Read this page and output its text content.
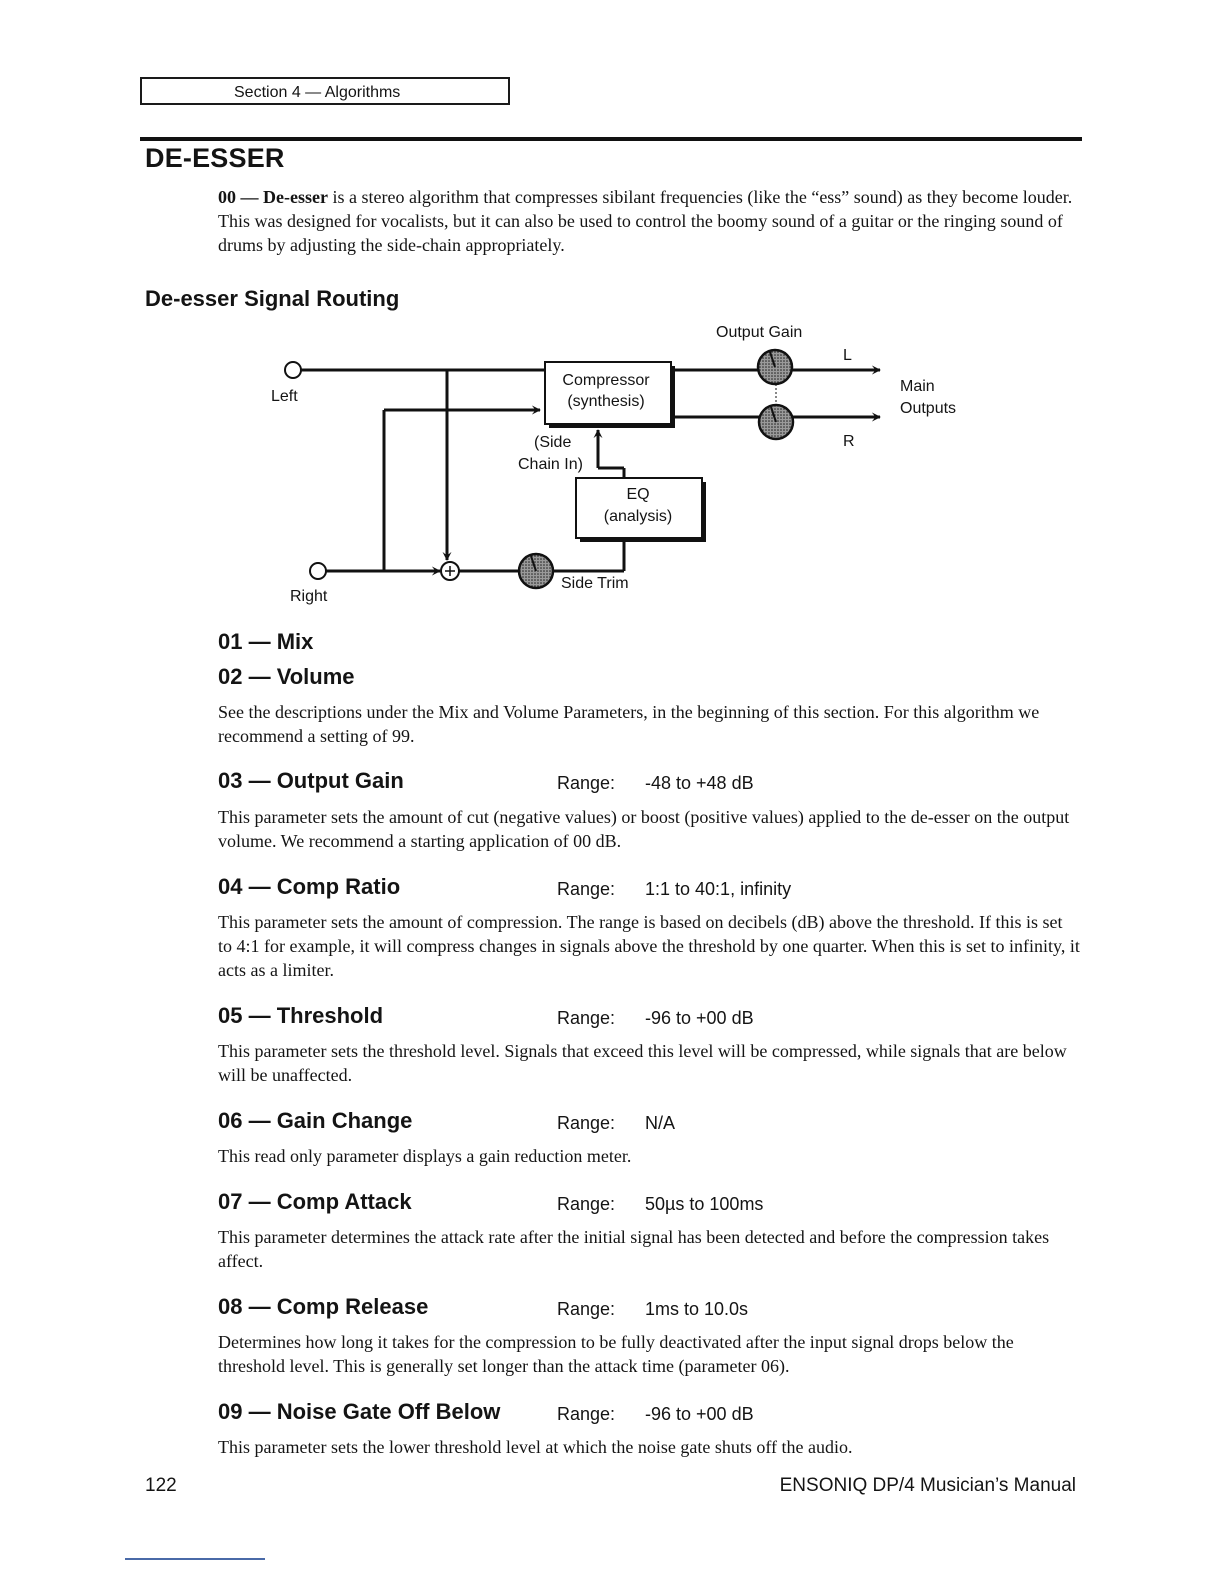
Section 4 — Algorithms
DE-ESSER

00 — De-esser is a stereo algorithm that compresses sibilant frequencies (like the “ess” sound) as they become louder. This was designed for vocalists, but it can also be used to control the boomy sound of a guitar or the ringing sound of drums by adjusting the side-chain appropriately.

De-esser Signal Routing
Output Gain
Left
Right
Compressor
(synthesis)
(Side
Chain In)
EQ
(analysis)
Side Trim
L
R
Main
Outputs
01 — Mix
02 — Volume

See the descriptions under the Mix and Volume Parameters, in the beginning of this section. For this algorithm we recommend a setting of 99.

03 — Output Gain	Range: -48 to +48 dB

This parameter sets the amount of cut (negative values) or boost (positive values) applied to the de-esser on the output volume. We recommend a starting application of 00 dB.

04 — Comp Ratio	Range: 1:1 to 40:1, infinity

This parameter sets the amount of compression. The range is based on decibels (dB) above the threshold. If this is set to 4:1 for example, it will compress changes in signals above the threshold by one quarter. When this is set to infinity, it acts as a limiter.

05 — Threshold	Range: -96 to +00 dB

This parameter sets the threshold level. Signals that exceed this level will be compressed, while signals that are below will be unaffected.

06 — Gain Change	Range: N/A

This read only parameter displays a gain reduction meter.

07 — Comp Attack	Range: 50µs to 100ms

This parameter determines the attack rate after the initial signal has been detected and before the compression takes affect.

08 — Comp Release	Range: 1ms to 10.0s

Determines how long it takes for the compression to be fully deactivated after the input signal drops below the threshold level. This is generally set longer than the attack time (parameter 06).

09 — Noise Gate Off Below	Range: -96 to +00 dB

This parameter sets the lower threshold level at which the noise gate shuts off the audio.

122	ENSONIQ DP/4 Musician’s Manual
